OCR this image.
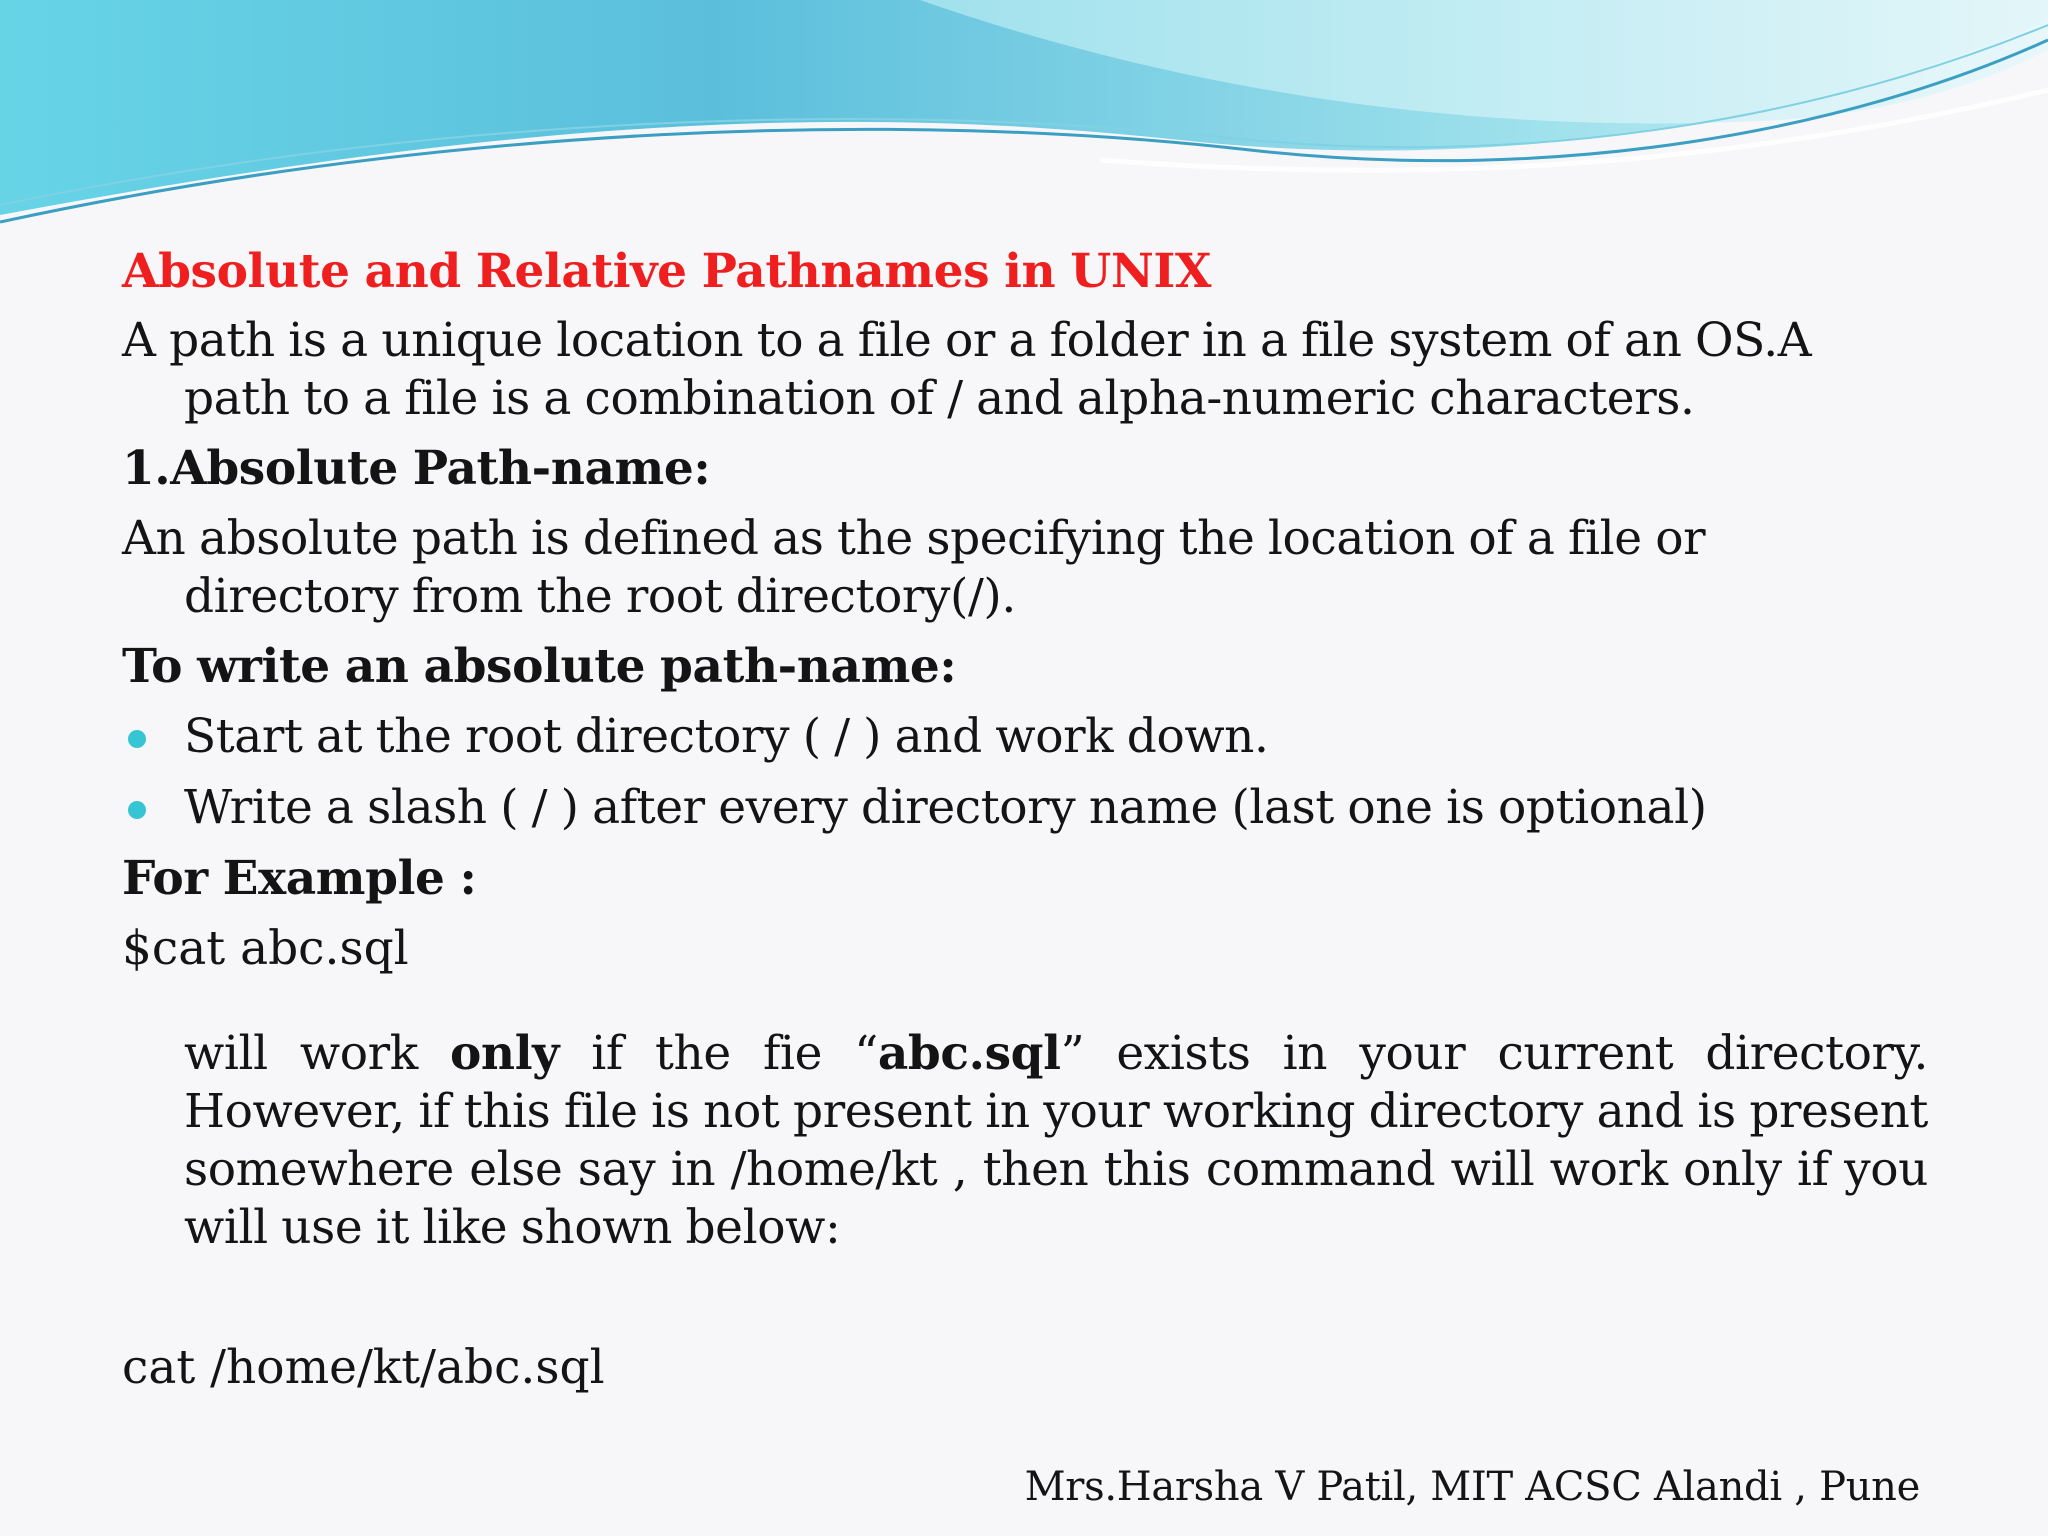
Absolute and Relative Pathnames in UNIX

A path is a unique location to a file or a folder in a file system of an OS.A path to a file is a combination of / and alpha-numeric characters.

1.Absolute Path-name:

An absolute path is defined as the specifying the location of a file or directory from the root directory(/).

To write an absolute path-name:

Start at the root directory ( / ) and work down.
Write a slash ( / ) after every directory name (last one is optional)

For Example :

$cat abc.sql

will work only if the fie “abc.sql” exists in your current directory. However, if this file is not present in your working directory and is present somewhere else say in /home/kt , then this command will work only if you will use it like shown below:

cat /home/kt/abc.sql

Mrs.Harsha V Patil, MIT ACSC Alandi , Pune
